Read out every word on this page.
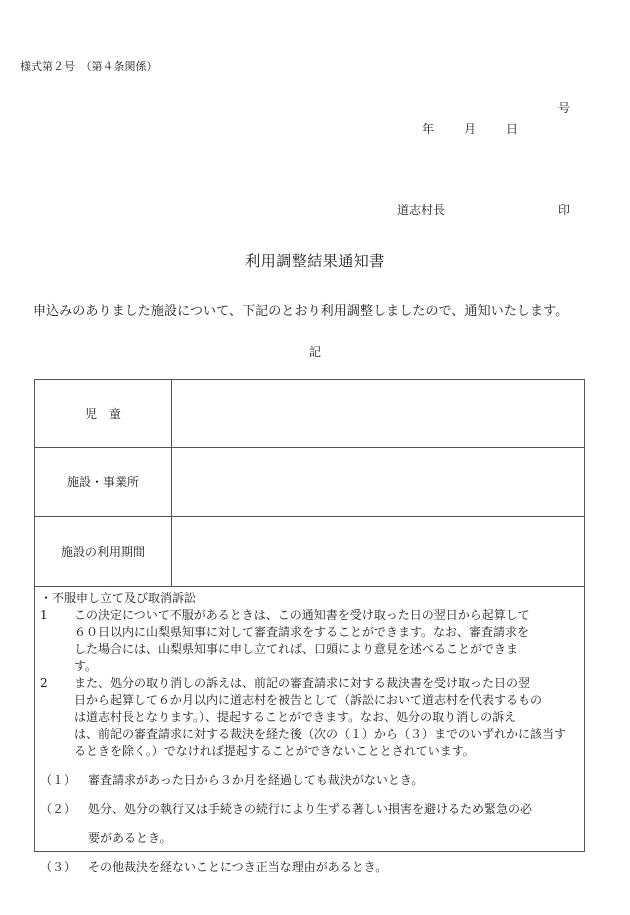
様式第２号　（第４条関係）
号
年 月 日
道志村長	印
利用調整結果通知書
申込みのありました施設について、下記のとおり利用調整しましたので、通知いたします。
記
児　童
施設・事業所
施設の利用期間
・不服申し立て及び取消訴訟
1 この決定について不服があるときは、この通知書を受け取った日の翌日から起算して

６０日以内に山梨県知事に対して審査請求をすることができます。なお、審査請求を

した場合には、山梨県知事に申し立てれば、口頭により意見を述べることができま

す。

2 また、処分の取り消しの訴えは、前記の審査請求に対する裁決書を受け取った日の翌

日から起算して６か月以内に道志村を被告として（訴訟において道志村を代表するもの

は道志村長となります。）、提起することができます。なお、処分の取り消しの訴え

は、前記の審査請求に対する裁決を経た後（次の（１）から（３）までのいずれかに該当す

るときを除く。）でなければ提起することができないこととされています。

（１） 審査請求があった日から３か月を経過しても裁決がないとき。

（２） 処分、処分の執行又は手続きの続行により生ずる著しい損害を避けるため緊急の必

要があるとき。

（３） その他裁決を経ないことにつき正当な理由があるとき。
